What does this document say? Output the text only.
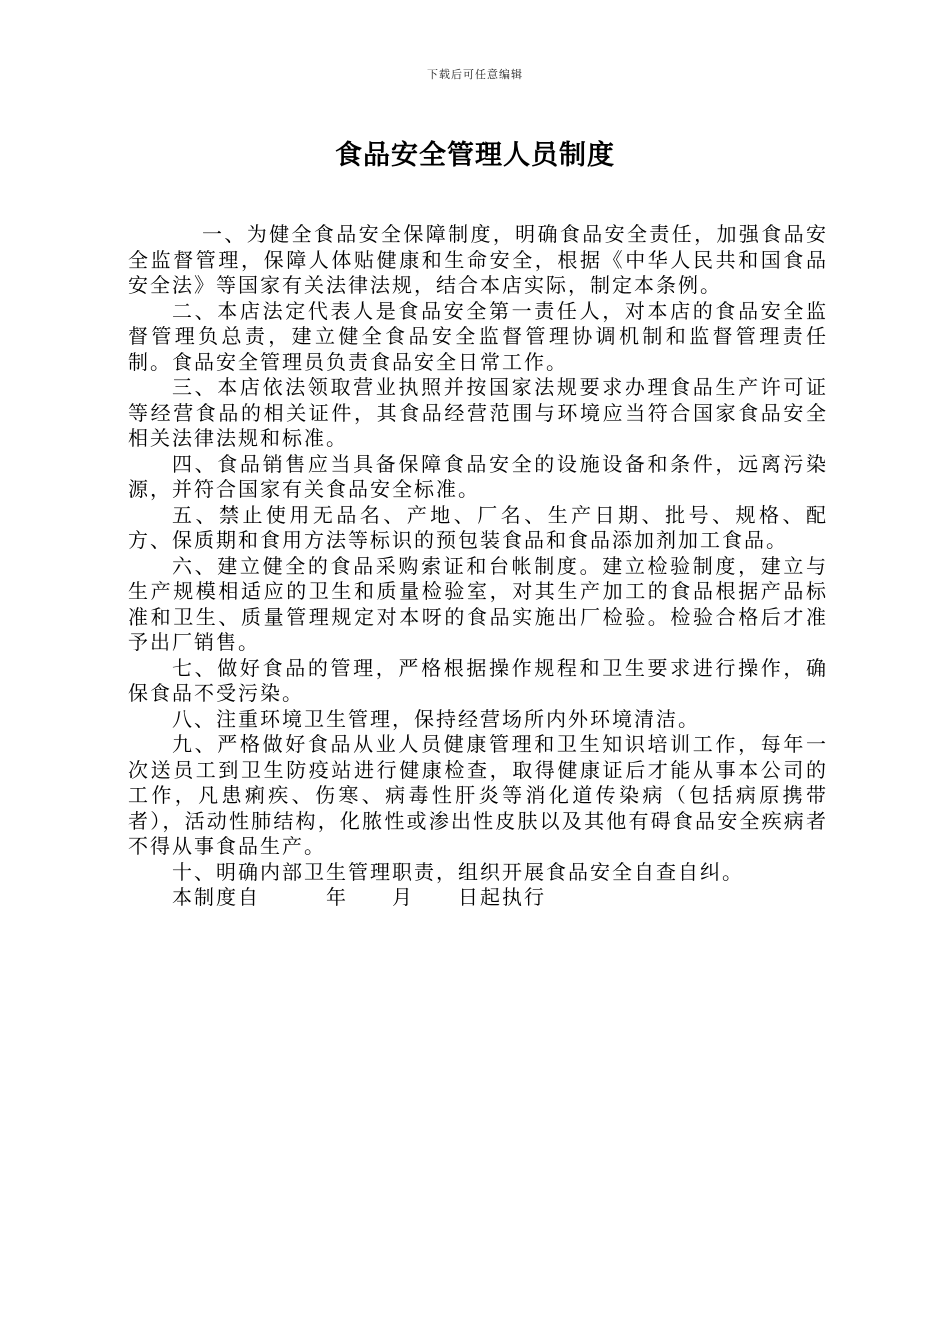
下载后可任意编辑
食品安全管理人员制度

一、为健全食品安全保障制度，明确食品安全责任，加强食品安全监督管理，保障人体贴健康和生命安全，根据《中华人民共和国食品安全法》等国家有关法律法规，结合本店实际，制定本条例。

二、本店法定代表人是食品安全第一责任人，对本店的食品安全监督管理负总责，建立健全食品安全监督管理协调机制和监督管理责任制。食品安全管理员负责食品安全日常工作。

三、本店依法领取营业执照并按国家法规要求办理食品生产许可证等经营食品的相关证件，其食品经营范围与环境应当符合国家食品安全相关法律法规和标准。

四、食品销售应当具备保障食品安全的设施设备和条件，远离污染源，并符合国家有关食品安全标准。

五、禁止使用无品名、产地、厂名、生产日期、批号、规格、配方、保质期和食用方法等标识的预包装食品和食品添加剂加工食品。

六、建立健全的食品采购索证和台帐制度。建立检验制度，建立与生产规模相适应的卫生和质量检验室，对其生产加工的食品根据产品标准和卫生、质量管理规定对本呀的食品实施出厂检验。检验合格后才准予出厂销售。

七、做好食品的管理，严格根据操作规程和卫生要求进行操作，确保食品不受污染。

八、注重环境卫生管理，保持经营场所内外环境清洁。

九、严格做好食品从业人员健康管理和卫生知识培训工作，每年一次送员工到卫生防疫站进行健康检查，取得健康证后才能从事本公司的工作，凡患痢疾、伤寒、病毒性肝炎等消化道传染病（包括病原携带者），活动性肺结构，化脓性或渗出性皮肤以及其他有碍食品安全疾病者不得从事食品生产。

十、明确内部卫生管理职责，组织开展食品安全自查自纠。

本制度自　　　年　　月　　日起执行
